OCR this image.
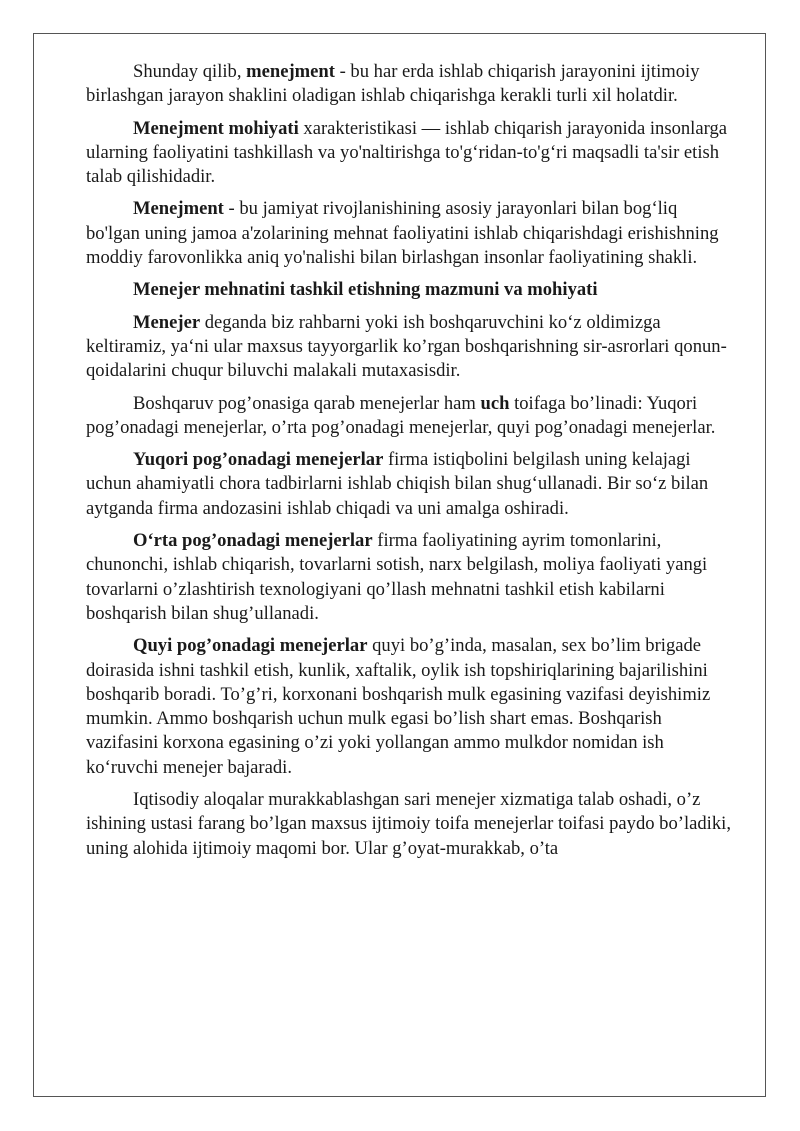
Shunday qilib, menejment - bu har erda ishlab chiqarish jarayonini ijtimoiy birlashgan jarayon shaklini oladigan ishlab chiqarishga kerakli turli xil holatdir.

Menejment mohiyati xarakteristikasi — ishlab chiqarish jarayonida insonlarga ularning faoliyatini tashkillash va yo'naltirishga to'g‘ridan-to'g‘ri maqsadli ta'sir etish talab qilishidadir.

Menejment - bu jamiyat rivojlanishining asosiy jarayonlari bilan bog‘liq bo'lgan uning jamoa a'zolarining mehnat faoliyatini ishlab chiqarishdagi erishishning moddiy farovonlikka aniq yo'nalishi bilan birlashgan insonlar faoliyatining shakli.

Menejer mehnatini tashkil etishning mazmuni va mohiyati

Menejer deganda biz rahbarni yoki ish boshqaruvchini ko‘z oldimizga keltiramiz, ya‘ni ular maxsus tayyorgarlik ko’rgan boshqarishning sir-asrorlari qonun-qoidalarini chuqur biluvchi malakali mutaxasisdir.

Boshqaruv pog’onasiga qarab menejerlar ham uch toifaga bo’linadi: Yuqori pog’onadagi menejerlar, o’rta pog’onadagi menejerlar, quyi pog’onadagi menejerlar.

Yuqori pog’onadagi menejerlar firma istiqbolini belgilash uning kelajagi uchun ahamiyatli chora tadbirlarni ishlab chiqish bilan shug‘ullanadi. Bir so‘z bilan aytganda firma andozasini ishlab chiqadi va uni amalga oshiradi.

O‘rta pog’onadagi menejerlar firma faoliyatining ayrim tomonlarini, chunonchi, ishlab chiqarish, tovarlarni sotish, narx belgilash, moliya faoliyati yangi tovarlarni o’zlashtirish texnologiyani qo’llash mehnatni tashkil etish kabilarni boshqarish bilan shug’ullanadi.

Quyi pog’onadagi menejerlar quyi bo’g’inda, masalan, sex bo’lim brigade doirasida ishni tashkil etish, kunlik, xaftalik, oylik ish topshiriqlarining bajarilishini boshqarib boradi. To’g’ri, korxonani boshqarish mulk egasining vazifasi deyishimiz mumkin. Ammo boshqarish uchun mulk egasi bo’lish shart emas. Boshqarish vazifasini korxona egasining o’zi yoki yollangan ammo mulkdor nomidan ish ko‘ruvchi menejer bajaradi.

Iqtisodiy aloqalar murakkablashgan sari menejer xizmatiga talab oshadi, o’z ishining ustasi farang bo’lgan maxsus ijtimoiy toifa menejerlar toifasi paydo bo’ladiki, uning alohida ijtimoiy maqomi bor. Ular g’oyat-murakkab, o’ta
